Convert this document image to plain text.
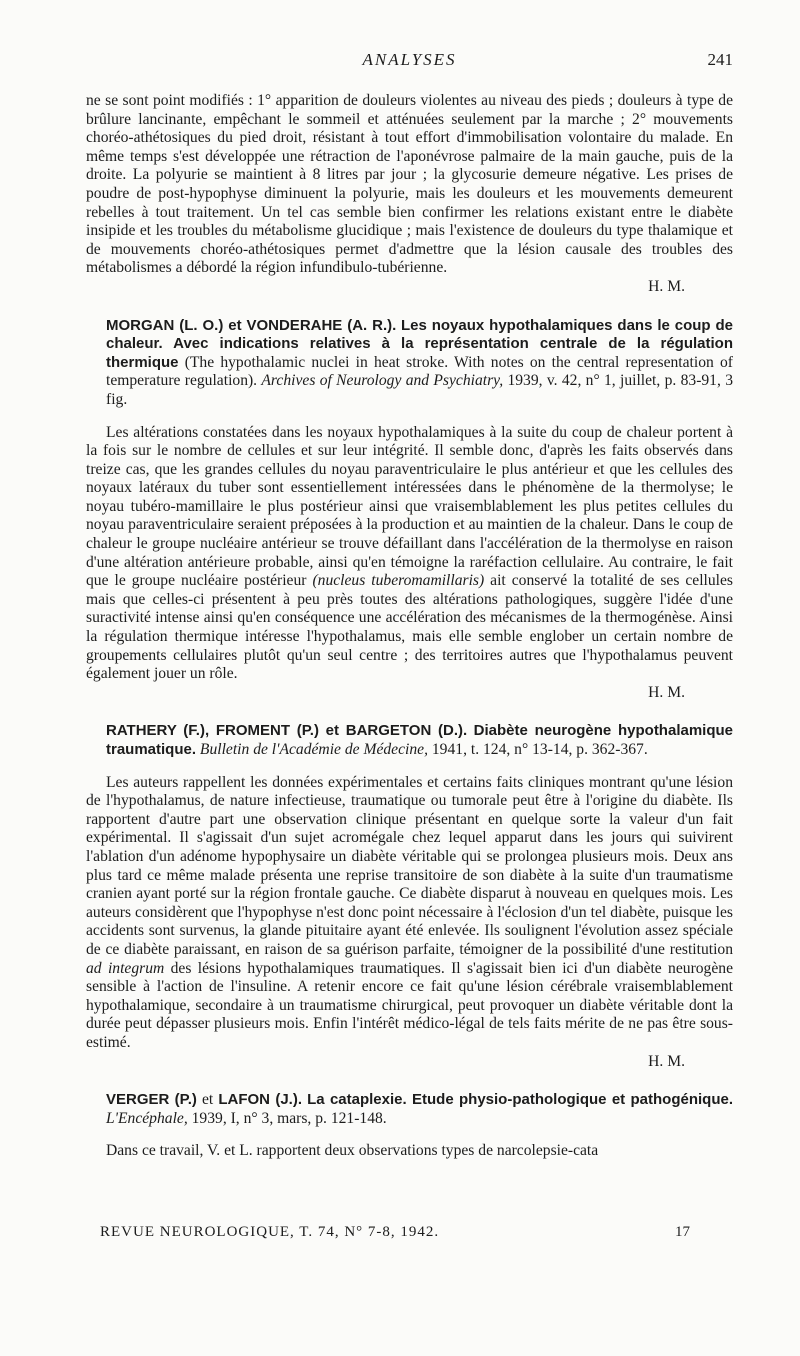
ANALYSES	241

ne se sont point modifiés : 1° apparition de douleurs violentes au niveau des pieds ; douleurs à type de brûlure lancinante, empêchant le sommeil et atténuées seulement par la marche ; 2° mouvements choréo-athétosiques du pied droit, résistant à tout effort d'immobilisation volontaire du malade. En même temps s'est développée une rétraction de l'aponévrose palmaire de la main gauche, puis de la droite. La polyurie se maintient à 8 litres par jour ; la glycosurie demeure négative. Les prises de poudre de post-hypophyse diminuent la polyurie, mais les douleurs et les mouvements demeurent rebelles à tout traitement. Un tel cas semble bien confirmer les relations existant entre le diabète insipide et les troubles du métabolisme glucidique ; mais l'existence de douleurs du type thalamique et de mouvements choréo-athétosiques permet d'admettre que la lésion causale des troubles des métabolismes a débordé la région infundibulo-tubérienne.

H. M.

MORGAN (L. O.) et VONDERAHE (A. R.). Les noyaux hypothalamiques dans le coup de chaleur. Avec indications relatives à la représentation centrale de la régulation thermique (The hypothalamic nuclei in heat stroke. With notes on the central representation of temperature regulation). Archives of Neurology and Psychiatry, 1939, v. 42, n° 1, juillet, p. 83-91, 3 fig.

Les altérations constatées dans les noyaux hypothalamiques à la suite du coup de chaleur portent à la fois sur le nombre de cellules et sur leur intégrité. Il semble donc, d'après les faits observés dans treize cas, que les grandes cellules du noyau paraventriculaire le plus antérieur et que les cellules des noyaux latéraux du tuber sont essentiellement intéressées dans le phénomène de la thermolyse; le noyau tubéro-mamillaire le plus postérieur ainsi que vraisemblablement les plus petites cellules du noyau paraventriculaire seraient préposées à la production et au maintien de la chaleur. Dans le coup de chaleur le groupe nucléaire antérieur se trouve défaillant dans l'accélération de la thermolyse en raison d'une altération antérieure probable, ainsi qu'en témoigne la raréfaction cellulaire. Au contraire, le fait que le groupe nucléaire postérieur (nucleus tuberomamillaris) ait conservé la totalité de ses cellules mais que celles-ci présentent à peu près toutes des altérations pathologiques, suggère l'idée d'une suractivité intense ainsi qu'en conséquence une accélération des mécanismes de la thermogénèse. Ainsi la régulation thermique intéresse l'hypothalamus, mais elle semble englober un certain nombre de groupements cellulaires plutôt qu'un seul centre ; des territoires autres que l'hypothalamus peuvent également jouer un rôle.

H. M.

RATHERY (F.), FROMENT (P.) et BARGETON (D.). Diabète neurogène hypothalamique traumatique. Bulletin de l'Académie de Médecine, 1941, t. 124, n° 13-14, p. 362-367.

Les auteurs rappellent les données expérimentales et certains faits cliniques montrant qu'une lésion de l'hypothalamus, de nature infectieuse, traumatique ou tumorale peut être à l'origine du diabète. Ils rapportent d'autre part une observation clinique présentant en quelque sorte la valeur d'un fait expérimental. Il s'agissait d'un sujet acromégale chez lequel apparut dans les jours qui suivirent l'ablation d'un adénome hypophysaire un diabète véritable qui se prolongea plusieurs mois. Deux ans plus tard ce même malade présenta une reprise transitoire de son diabète à la suite d'un traumatisme cranien ayant porté sur la région frontale gauche. Ce diabète disparut à nouveau en quelques mois. Les auteurs considèrent que l'hypophyse n'est donc point nécessaire à l'éclosion d'un tel diabète, puisque les accidents sont survenus, la glande pituitaire ayant été enlevée. Ils soulignent l'évolution assez spéciale de ce diabète paraissant, en raison de sa guérison parfaite, témoigner de la possibilité d'une restitution ad integrum des lésions hypothalamiques traumatiques. Il s'agissait bien ici d'un diabète neurogène sensible à l'action de l'insuline. A retenir encore ce fait qu'une lésion cérébrale vraisemblablement hypothalamique, secondaire à un traumatisme chirurgical, peut provoquer un diabète véritable dont la durée peut dépasser plusieurs mois. Enfin l'intérêt médico-légal de tels faits mérite de ne pas être sous-estimé.

H. M.

VERGER (P.) et LAFON (J.). La cataplexie. Etude physio-pathologique et pathogénique. L'Encéphale, 1939, I, n° 3, mars, p. 121-148.

Dans ce travail, V. et L. rapportent deux observations types de narcolepsie-cata

REVUE NEUROLOGIQUE, T. 74, N° 7-8, 1942.	17
